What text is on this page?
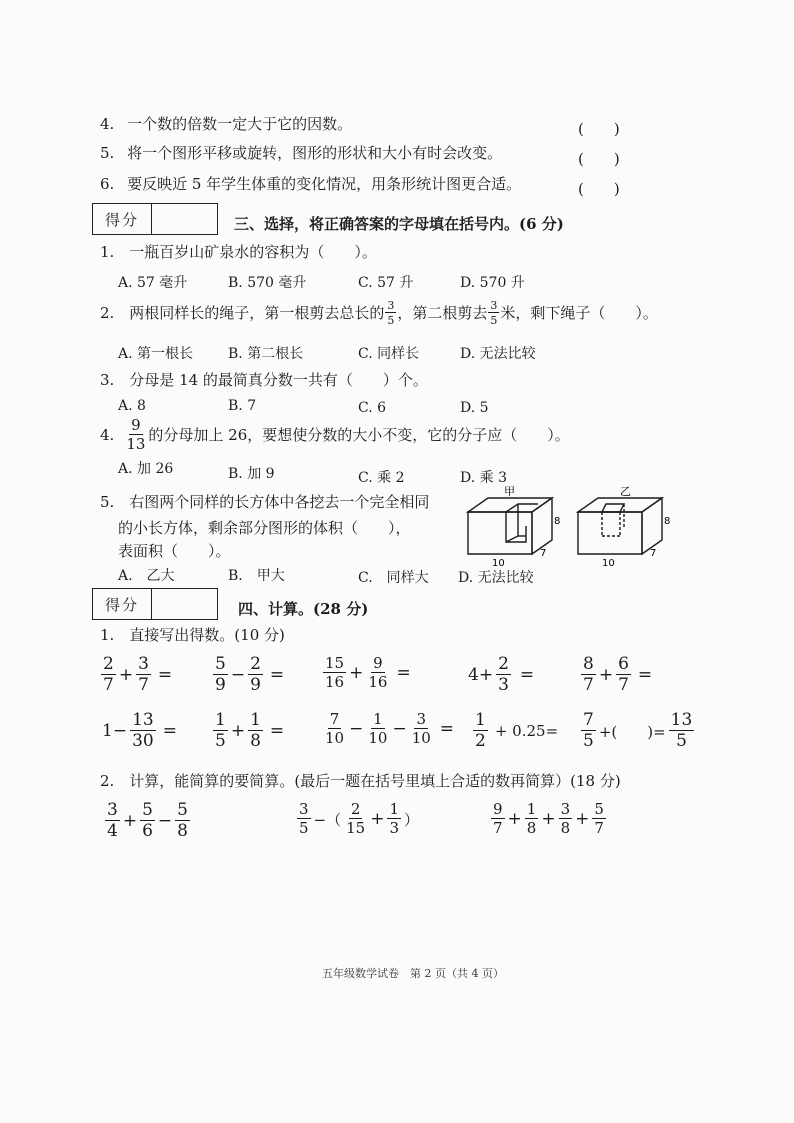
4. 一个数的倍数一定大于它的因数。	(　　)
5. 将一个图形平移或旋转，图形的形状和大小有时会改变。	(　　)
6. 要反映近 5 年学生体重的变化情况，用条形统计图更合适。	(　　)
得分	三、选择，将正确答案的字母填在括号内。(6 分)
1.　一瓶百岁山矿泉水的容积为（　　）。
A. 57 毫升	B. 570 毫升	C. 57 升	D. 570 升
2.　两根同样长的绳子，第一根剪去总长的 $\frac{3}{5}$ ，第二根剪去 $\frac{3}{5}$ 米，剩下绳子（　　）。
A. 第一根长 B. 第二根长	C. 同样长	D. 无法比较
3.　分母是 14 的最简真分数一共有（　　）个。
A. 8	B. 7	C. 6	D. 5
4. $\frac{9}{13}$ 的分母加上 26，要想使分数的大小不变，它的分子应（　　）。
A. 加 26	B. 加 9	C. 乘 2	D. 乘 3
5.　右图两个同样的长方体中各挖去一个完全相同
的小长方体，剩余部分图形的体积（　　），
表面积（　　）。
A.　乙大	B.　甲大	C.　同样大 D. 无法比较
甲
8
10
7
乙
8
10
7
得分	四、计算。(28 分)
1.　直接写出得数。(10 分)
$\frac{2}{7} + \frac{3}{7} = \frac{5}{9} - \frac{2}{9}$ =	$\frac{15}{16} + \frac{9}{16}$ =	$4+ \frac{2}{3}$ =	$\frac{8}{7} + \frac{6}{7}$ =
$1- \frac{13}{30} = \frac{1}{5} + \frac{1}{8}$ =	$\frac{7}{10} - \frac{1}{10} - \frac{3}{10} = \frac{1}{2} + 0.25= \frac{7}{5}$ +(　　)= $\frac{13}{5}$
2.　计算，能简算的要简算。(最后一题在括号里填上合适的数再简算）(18 分)
$\frac{3}{4} + \frac{5}{6} - \frac{5}{8}$	$\frac{3}{5}$ −（ $\frac{2}{15} + \frac{1}{3}$ ）	$\frac{9}{7} + \frac{1}{8} + \frac{3}{8} + \frac{5}{7}$
五年级数学试卷　第 2 页（共 4 页）
